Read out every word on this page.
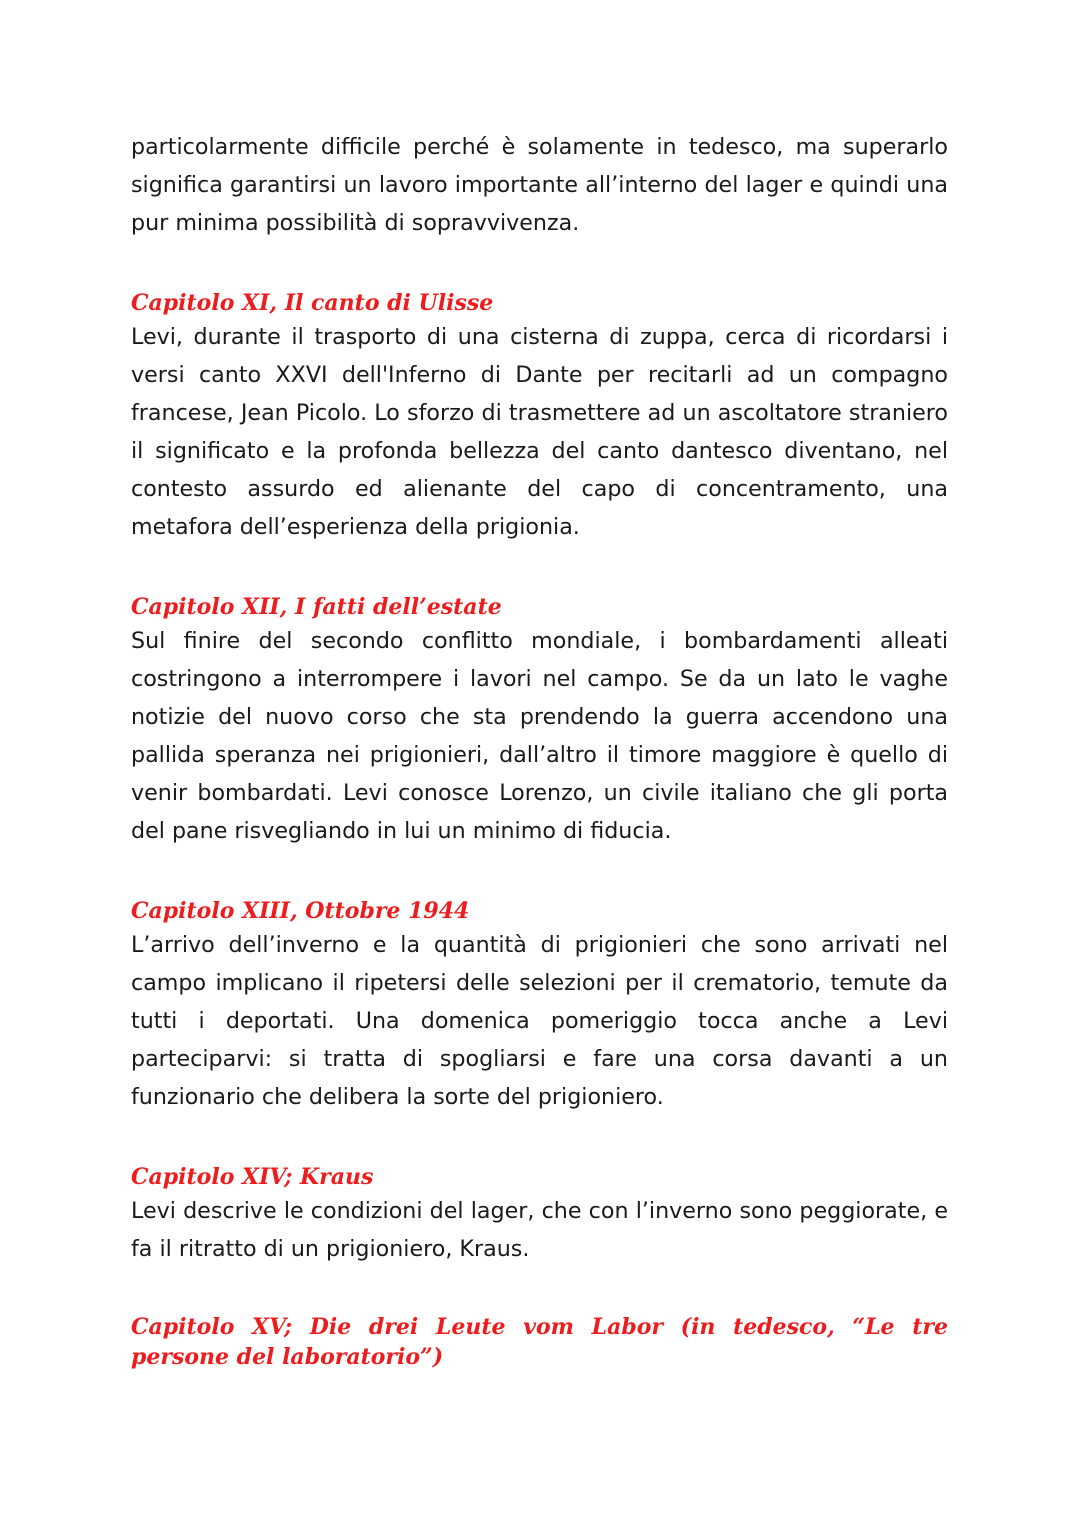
particolarmente difficile perché è solamente in tedesco, ma superarlo significa garantirsi un lavoro importante all’interno del lager e quindi una pur minima possibilità di sopravvivenza.

Capitolo XI, Il canto di Ulisse

Levi, durante il trasporto di una cisterna di zuppa, cerca di ricordarsi i versi canto XXVI dell'Inferno di Dante per recitarli ad un compagno francese, Jean Picolo. Lo sforzo di trasmettere ad un ascoltatore straniero il significato e la profonda bellezza del canto dantesco diventano, nel contesto assurdo ed alienante del capo di concentramento, una metafora dell’esperienza della prigionia.

Capitolo XII, I fatti dell’estate

Sul finire del secondo conflitto mondiale, i bombardamenti alleati costringono a interrompere i lavori nel campo. Se da un lato le vaghe notizie del nuovo corso che sta prendendo la guerra accendono una pallida speranza nei prigionieri, dall’altro il timore maggiore è quello di venir bombardati. Levi conosce Lorenzo, un civile italiano che gli porta del pane risvegliando in lui un minimo di fiducia.

Capitolo XIII, Ottobre 1944

L’arrivo dell’inverno e la quantità di prigionieri che sono arrivati nel campo implicano il ripetersi delle selezioni per il crematorio, temute da tutti i deportati. Una domenica pomeriggio tocca anche a Levi parteciparvi: si tratta di spogliarsi e fare una corsa davanti a un funzionario che delibera la sorte del prigioniero.

Capitolo XIV; Kraus

Levi descrive le condizioni del lager, che con l’inverno sono peggiorate, e fa il ritratto di un prigioniero, Kraus.

Capitolo XV; Die drei Leute vom Labor (in tedesco, “Le tre persone del laboratorio”)
